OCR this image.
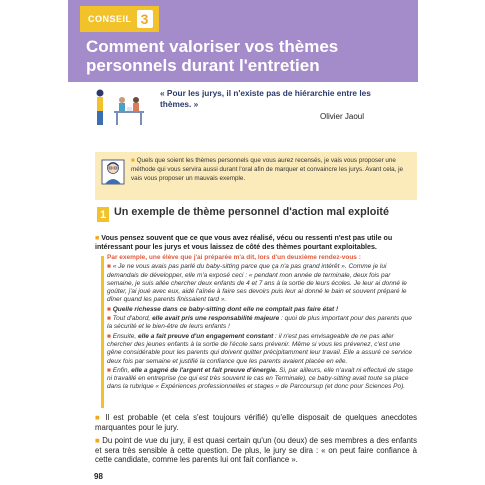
CONSEIL 3
Comment valoriser vos thèmes personnels durant l'entretien
« Pour les jurys, il n'existe pas de hiérarchie entre les thèmes. »
Olivier Jaoul
■ Quels que soient les thèmes personnels que vous aurez recensés, je vais vous proposer une méthode qui vous servira aussi durant l'oral afin de marquer et convaincre les jurys. Avant cela, je vais vous proposer un mauvais exemple.
1 Un exemple de thème personnel d'action mal exploité
■ Vous pensez souvent que ce que vous avez réalisé, vécu ou ressenti n'est pas utile ou intéressant pour les jurys et vous laissez de côté des thèmes pourtant exploitables.
Par exemple, une élève que j'ai préparée m'a dit, lors d'un deuxième rendez-vous :
■ « Je ne vous avais pas parlé du baby-sitting parce que ça n'a pas grand intérêt ». Comme je lui demandais de développer, elle m'a exposé ceci : « pendant mon année de terminale, deux fois par semaine, je suis allée chercher deux enfants de 4 et 7 ans à la sortie de leurs écoles. Je leur ai donné le goûter, j'ai joué avec eux, aidé l'aînée à faire ses devoirs puis leur ai donné le bain et souvent préparé le dîner quand les parents finissaient tard ».
■ Quelle richesse dans ce baby-sitting dont elle ne comptait pas faire état !
■ Tout d'abord, elle avait pris une responsabilité majeure : quoi de plus important pour des parents que la sécurité et le bien-être de leurs enfants !
■ Ensuite, elle a fait preuve d'un engagement constant : il n'est pas envisageable de ne pas aller chercher des jeunes enfants à la sortie de l'école sans prévenir. Même si vous les prévenez, c'est une gêne considérable pour les parents qui doivent quitter précipitamment leur travail. Elle a assuré ce service deux fois par semaine et justifié la confiance que les parents avaient placée en elle.
■ Enfin, elle a gagné de l'argent et fait preuve d'énergie. Si, par ailleurs, elle n'avait ni effectué de stage ni travaillé en entreprise (ce qui est très souvent le cas en Terminale), ce baby-sitting avait toute sa place dans la rubrique « Expériences professionnelles et stages » de Parcoursup (et donc pour Sciences Po).
■ Il est probable (et cela s'est toujours vérifié) qu'elle disposait de quelques anecdotes marquantes pour le jury.
■ Du point de vue du jury, il est quasi certain qu'un (ou deux) de ses membres a des enfants et sera très sensible à cette question. De plus, le jury se dira : « on peut faire confiance à cette candidate, comme les parents lui ont fait confiance ».
98
